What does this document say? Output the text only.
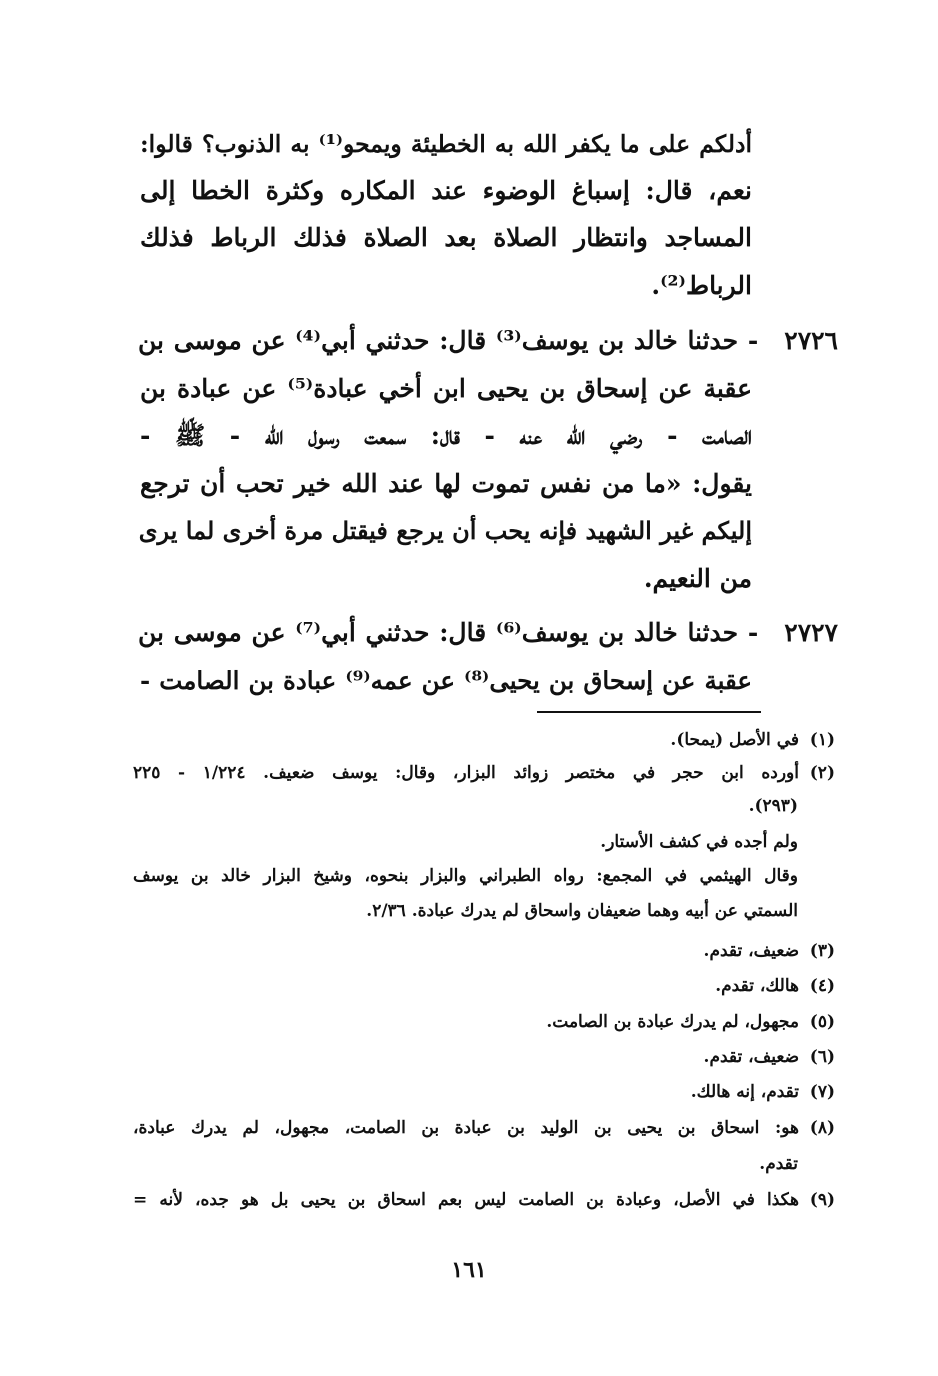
أدلكم على ما يكفر الله به الخطيئة ويمحو⁽¹⁾ به الذنوب؟ قالوا:
نعم، قال: إسباغ الوضوء عند المكاره وكثرة الخطا إلى
المساجد وانتظار الصلاة بعد الصلاة فذلك الرباط فذلك
الرباط⁽²⁾.
٢٧٢٦ - حدثنا خالد بن يوسف⁽³⁾ قال: حدثني أبي⁽⁴⁾ عن موسى بن
عقبة عن إسحاق بن يحيى ابن أخي عبادة⁽⁵⁾ عن عبادة بن
الصامت - رضي الله عنه - قال: سمعت رسول الله - ﷺ -
يقول: «ما من نفس تموت لها عند الله خير تحب أن ترجع
إليكم غير الشهيد فإنه يحب أن يرجع فيقتل مرة أخرى لما يرى
من النعيم.
٢٧٢٧ - حدثنا خالد بن يوسف⁽⁶⁾ قال: حدثني أبي⁽⁷⁾ عن موسى بن
عقبة عن إسحاق بن يحيى⁽⁸⁾ عن عمه⁽⁹⁾ عبادة بن الصامت -
(١)في الأصل (يمحا).
(٢)أورده ابن حجر في مختصر زوائد البزار، وقال: يوسف ضعيف. ١/٢٢٤ - ٢٢٥
(٢٩٣).
ولم أجده في كشف الأستار.
وقال الهيثمي في المجمع: رواه الطبراني والبزار بنحوه، وشيخ البزار خالد بن يوسف
السمتي عن أبيه وهما ضعيفان واسحاق لم يدرك عبادة. ٢/٣٦.
(٣)ضعيف، تقدم.
(٤)هالك، تقدم.
(٥)مجهول، لم يدرك عبادة بن الصامت.
(٦)ضعيف، تقدم.
(٧)تقدم، إنه هالك.
(٨)هو: اسحاق بن يحيى بن الوليد بن عبادة بن الصامت، مجهول، لم يدرك عبادة،
تقدم.
(٩)هكذا في الأصل، وعبادة بن الصامت ليس بعم اسحاق بن يحيى بل هو جده، لأنه =
١٦١
